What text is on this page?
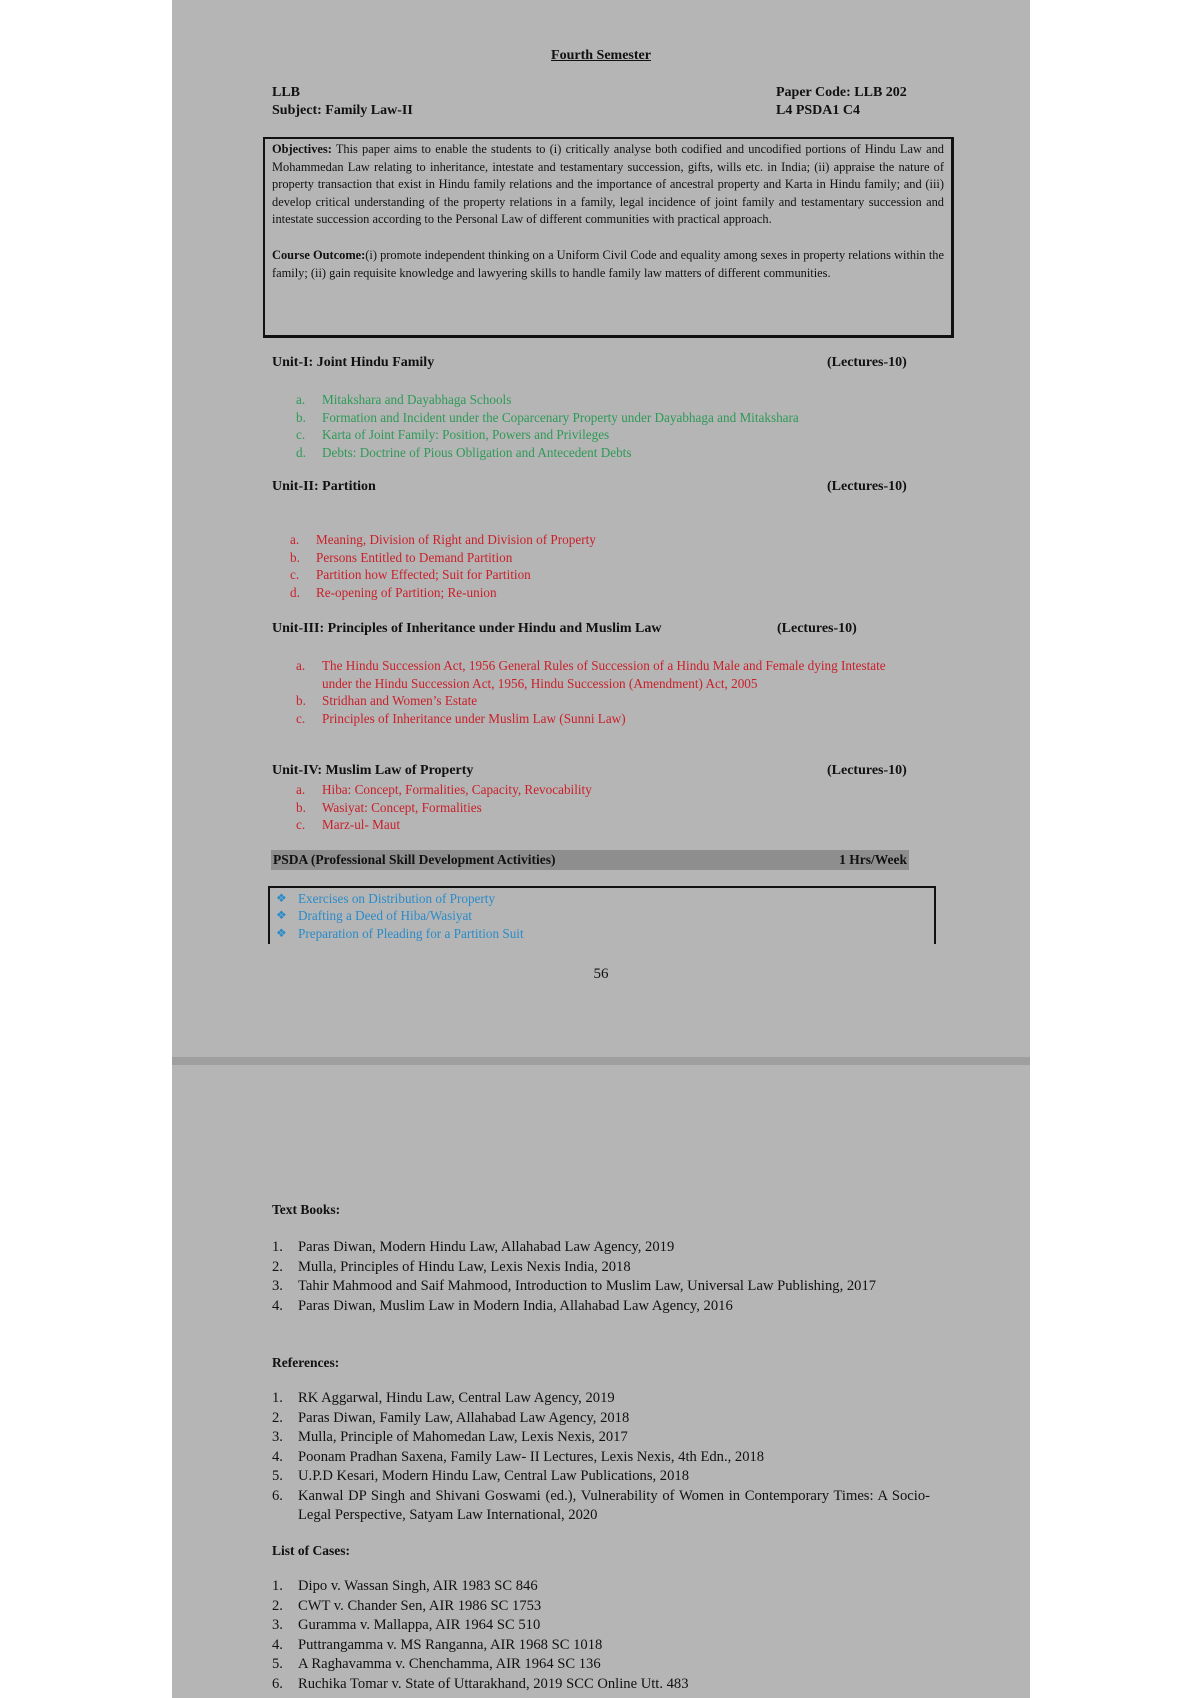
Fourth Semester
LLB
Subject: Family Law-II
Paper Code: LLB 202
L4 PSDA1 C4

Objectives: This paper aims to enable the students to (i) critically analyse both codified and uncodified portions of Hindu Law and Mohammedan Law relating to inheritance, intestate and testamentary succession, gifts, wills etc. in India; (ii) appraise the nature of property transaction that exist in Hindu family relations and the importance of ancestral property and Karta in Hindu family; and (iii) develop critical understanding of the property relations in a family, legal incidence of joint family and testamentary succession and intestate succession according to the Personal Law of different communities with practical approach.

Course Outcome:(i) promote independent thinking on a Uniform Civil Code and equality among sexes in property relations within the family; (ii) gain requisite knowledge and lawyering skills to handle family law matters of different communities.

Unit-I: Joint Hindu Family	(Lectures-10)
a. Mitakshara and Dayabhaga Schools
b. Formation and Incident under the Coparcenary Property under Dayabhaga and Mitakshara
c. Karta of Joint Family: Position, Powers and Privileges
d. Debts: Doctrine of Pious Obligation and Antecedent Debts
Unit-II: Partition	(Lectures-10)
a. Meaning, Division of Right and Division of Property
b. Persons Entitled to Demand Partition
c. Partition how Effected; Suit for Partition
d. Re-opening of Partition; Re-union
Unit-III: Principles of Inheritance under Hindu and Muslim Law	(Lectures-10)
a. The Hindu Succession Act, 1956 General Rules of Succession of a Hindu Male and Female dying Intestate under the Hindu Succession Act, 1956, Hindu Succession (Amendment) Act, 2005
b. Stridhan and Women’s Estate
c. Principles of Inheritance under Muslim Law (Sunni Law)
Unit-IV: Muslim Law of Property	(Lectures-10)
a. Hiba: Concept, Formalities, Capacity, Revocability
b. Wasiyat: Concept, Formalities
c. Marz-ul- Maut
PSDA (Professional Skill Development Activities)	1 Hrs/Week
❖ Exercises on Distribution of Property
❖ Drafting a Deed of Hiba/Wasiyat
❖ Preparation of Pleading for a Partition Suit
56
Text Books:
1. Paras Diwan, Modern Hindu Law, Allahabad Law Agency, 2019
2. Mulla, Principles of Hindu Law, Lexis Nexis India, 2018
3. Tahir Mahmood and Saif Mahmood, Introduction to Muslim Law, Universal Law Publishing, 2017
4. Paras Diwan, Muslim Law in Modern India, Allahabad Law Agency, 2016
References:
1. RK Aggarwal, Hindu Law, Central Law Agency, 2019
2. Paras Diwan, Family Law, Allahabad Law Agency, 2018
3. Mulla, Principle of Mahomedan Law, Lexis Nexis, 2017
4. Poonam Pradhan Saxena, Family Law- II Lectures, Lexis Nexis, 4th Edn., 2018
5. U.P.D Kesari, Modern Hindu Law, Central Law Publications, 2018
6. Kanwal DP Singh and Shivani Goswami (ed.), Vulnerability of Women in Contemporary Times: A Socio-Legal Perspective, Satyam Law International, 2020
List of Cases:
1. Dipo v. Wassan Singh, AIR 1983 SC 846
2. CWT v. Chander Sen, AIR 1986 SC 1753
3. Guramma v. Mallappa, AIR 1964 SC 510
4. Puttrangamma v. MS Ranganna, AIR 1968 SC 1018
5. A Raghavamma v. Chenchamma, AIR 1964 SC 136
6. Ruchika Tomar v. State of Uttarakhand, 2019 SCC Online Utt. 483
